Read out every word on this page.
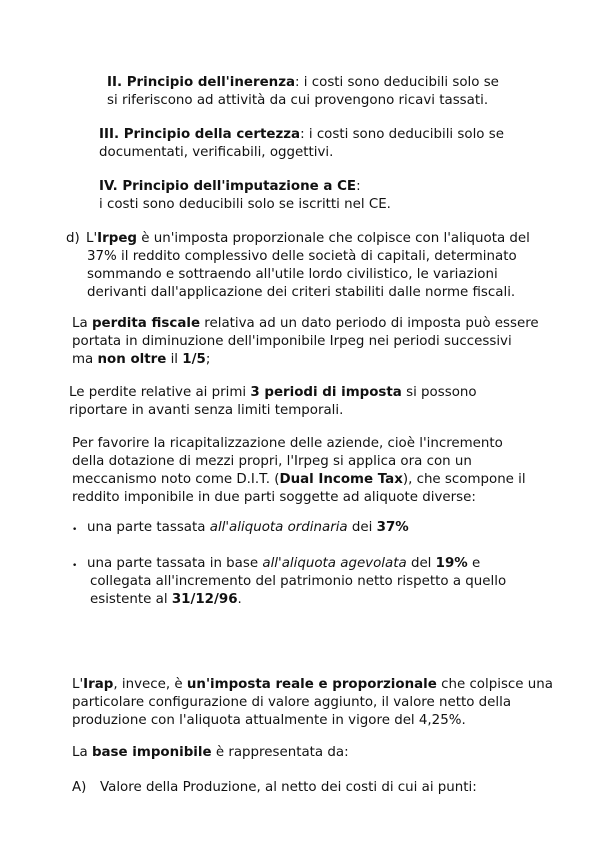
II. Principio dell'inerenza: i costi sono deducibili solo se
si riferiscono ad attività da cui provengono ricavi tassati.
III. Principio della certezza: i costi sono deducibili solo se
documentati, verificabili, oggettivi.
IV. Principio dell'imputazione a CE:
i costi sono deducibili solo se iscritti nel CE.
d) L'Irpeg è un'imposta proporzionale che colpisce con l'aliquota del
37% il reddito complessivo delle società di capitali, determinato
sommando e sottraendo all'utile lordo civilistico, le variazioni
derivanti dall'applicazione dei criteri stabiliti dalle norme fiscali.
La perdita fiscale relativa ad un dato periodo di imposta può essere
portata in diminuzione dell'imponibile Irpeg nei periodi successivi
ma non oltre il 1/5;
Le perdite relative ai primi 3 periodi di imposta si possono
riportare in avanti senza limiti temporali.
Per favorire la ricapitalizzazione delle aziende, cioè l'incremento
della dotazione di mezzi propri, l'Irpeg si applica ora con un
meccanismo noto come D.I.T. (Dual Income Tax), che scompone il
reddito imponibile in due parti soggette ad aliquote diverse:
• una parte tassata all'aliquota ordinaria dei 37%
• una parte tassata in base all'aliquota agevolata del 19% e
collegata all'incremento del patrimonio netto rispetto a quello
esistente al 31/12/96.
L'Irap, invece, è un'imposta reale e proporzionale che colpisce una
particolare configurazione di valore aggiunto, il valore netto della
produzione con l'aliquota attualmente in vigore del 4,25%.
La base imponibile è rappresentata da:
A) Valore della Produzione, al netto dei costi di cui ai punti:
